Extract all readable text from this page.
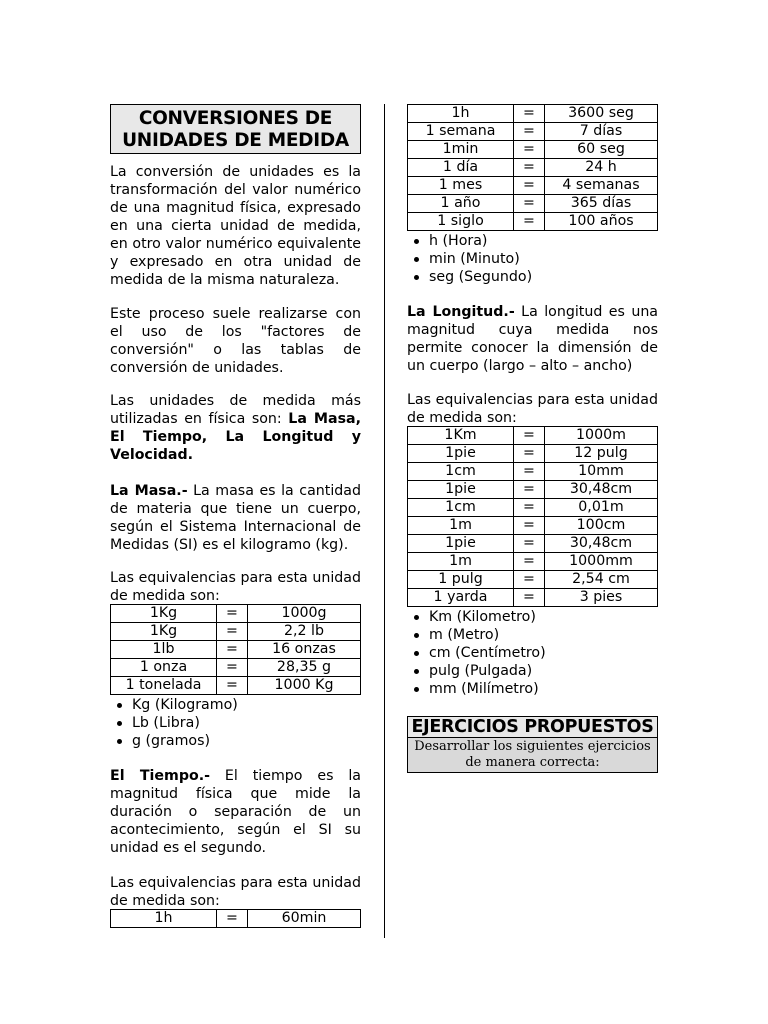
CONVERSIONES DE
UNIDADES DE MEDIDA
La conversión de unidades es la transformación del valor numérico de una magnitud física, expresado en una cierta unidad de medida, en otro valor numérico equivalente y expresado en otra unidad de medida de la misma naturaleza.
Este proceso suele realizarse con el uso de los "factores de conversión" o las tablas de conversión de unidades.
Las unidades de medida más utilizadas en física son: La Masa, El Tiempo, La Longitud y Velocidad.
La Masa.- La masa es la cantidad de materia que tiene un cuerpo, según el Sistema Internacional de Medidas (SI) es el kilogramo (kg).
Las equivalencias para esta unidad de medida son:
1Kg	=	1000g
1Kg	=	2,2 lb
1lb	=	16 onzas
1 onza	=	28,35 g
1 tonelada	=	1000 Kg
Kg (Kilogramo)
Lb (Libra)
g (gramos)
El Tiempo.- El tiempo es la magnitud física que mide la duración o separación de un acontecimiento, según el SI su unidad es el segundo.
Las equivalencias para esta unidad de medida son:
1h	=	60min
1h	=	3600 seg
1 semana	=	7 días
1min	=	60 seg
1 día	=	24 h
1 mes	=	4 semanas
1 año	=	365 días
1 siglo	=	100 años
h (Hora)
min (Minuto)
seg (Segundo)
La Longitud.- La longitud es una magnitud cuya medida nos permite conocer la dimensión de un cuerpo (largo – alto – ancho)
Las equivalencias para esta unidad de medida son:
1Km	=	1000m
1pie	=	12 pulg
1cm	=	10mm
1pie	=	30,48cm
1cm	=	0,01m
1m	=	100cm
1pie	=	30,48cm
1m	=	1000mm
1 pulg	=	2,54 cm
1 yarda	=	3 pies
Km (Kilometro)
m (Metro)
cm (Centímetro)
pulg (Pulgada)
mm (Milímetro)
EJERCICIOS PROPUESTOS
Desarrollar los siguientes ejercicios
de manera correcta:
